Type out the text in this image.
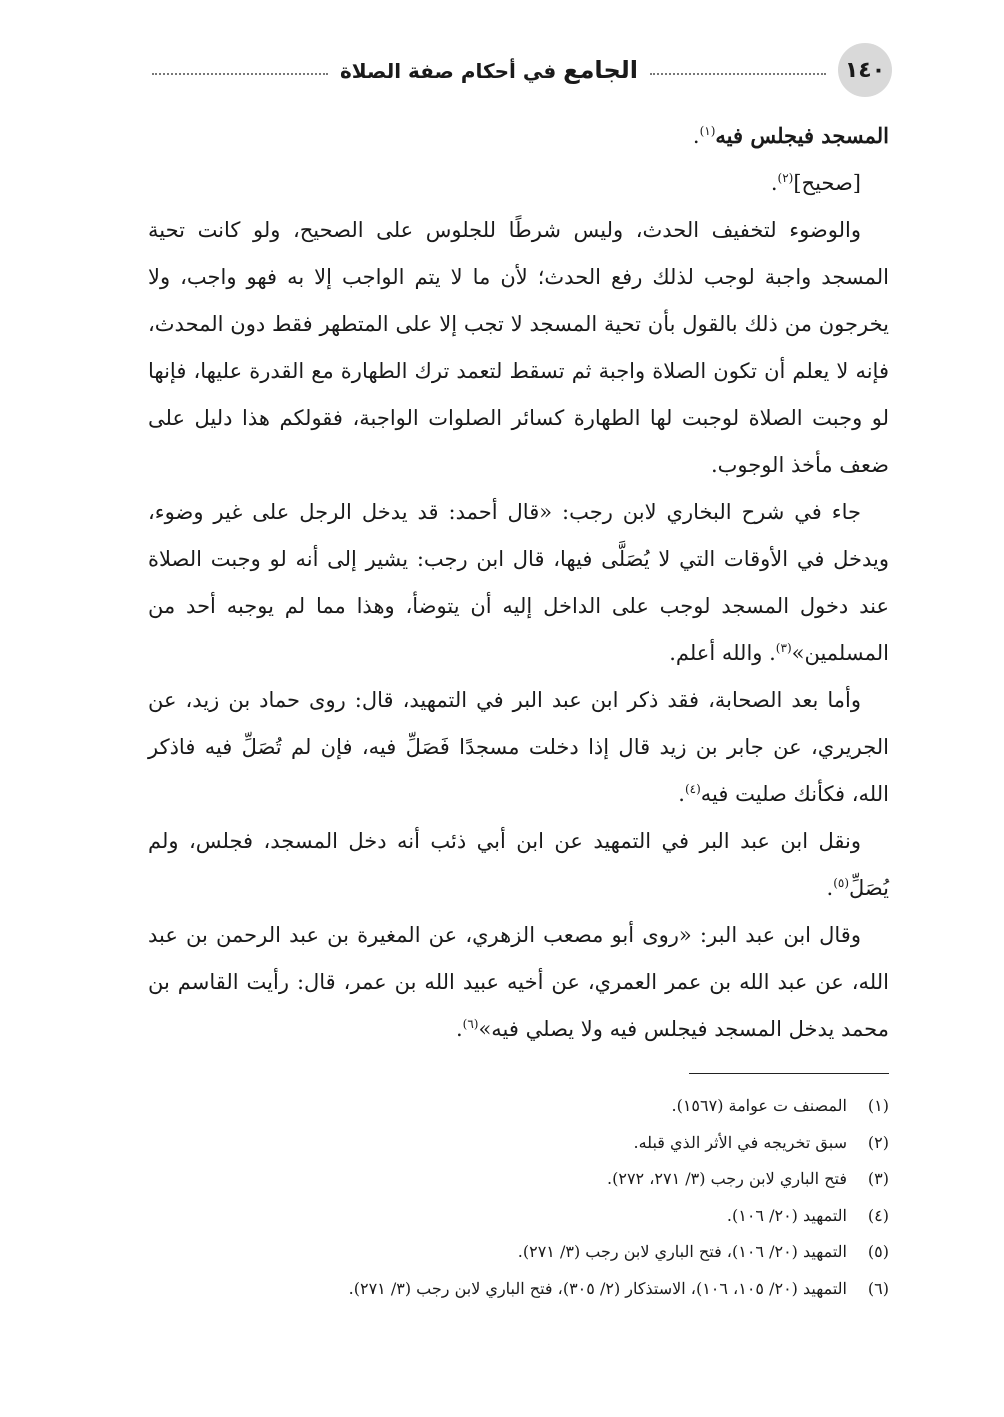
١٤٠
الجامع في أحكام صفة الصلاة

المسجد فيجلس فيه$^{(١)}$.

[صحيح]$^{(٢)}$.

والوضوء لتخفيف الحدث، وليس شرطًا للجلوس على الصحيح، ولو كانت تحية المسجد واجبة لوجب لذلك رفع الحدث؛ لأن ما لا يتم الواجب إلا به فهو واجب، ولا يخرجون من ذلك بالقول بأن تحية المسجد لا تجب إلا على المتطهر فقط دون المحدث، فإنه لا يعلم أن تكون الصلاة واجبة ثم تسقط لتعمد ترك الطهارة مع القدرة عليها، فإنها لو وجبت الصلاة لوجبت لها الطهارة كسائر الصلوات الواجبة، فقولكم هذا دليل على ضعف مأخذ الوجوب.

جاء في شرح البخاري لابن رجب: «قال أحمد: قد يدخل الرجل على غير وضوء، ويدخل في الأوقات التي لا يُصَلَّى فيها، قال ابن رجب: يشير إلى أنه لو وجبت الصلاة عند دخول المسجد لوجب على الداخل إليه أن يتوضأ، وهذا مما لم يوجبه أحد من المسلمين»$^{(٣)}$. والله أعلم.

وأما بعد الصحابة، فقد ذكر ابن عبد البر في التمهيد، قال: روى حماد بن زيد، عن الجريري، عن جابر بن زيد قال إذا دخلت مسجدًا فَصَلِّ فيه، فإن لم تُصَلِّ فيه فاذكر الله، فكأنك صليت فيه$^{(٤)}$.

ونقل ابن عبد البر في التمهيد عن ابن أبي ذئب أنه دخل المسجد، فجلس، ولم يُصَلِّ$^{(٥)}$.

وقال ابن عبد البر: «روى أبو مصعب الزهري، عن المغيرة بن عبد الرحمن بن عبد الله، عن عبد الله بن عمر العمري، عن أخيه عبيد الله بن عمر، قال: رأيت القاسم بن محمد يدخل المسجد فيجلس فيه ولا يصلي فيه»$^{(٦)}$.

(١)المصنف ت عوامة (١٥٦٧).
(٢)سبق تخريجه في الأثر الذي قبله.
(٣)فتح الباري لابن رجب (٣/ ٢٧١، ٢٧٢).
(٤)التمهيد (٢٠/ ١٠٦).
(٥)التمهيد (٢٠/ ١٠٦)، فتح الباري لابن رجب (٣/ ٢٧١).
(٦)التمهيد (٢٠/ ١٠٥، ١٠٦)، الاستذكار (٢/ ٣٠٥)، فتح الباري لابن رجب (٣/ ٢٧١).
